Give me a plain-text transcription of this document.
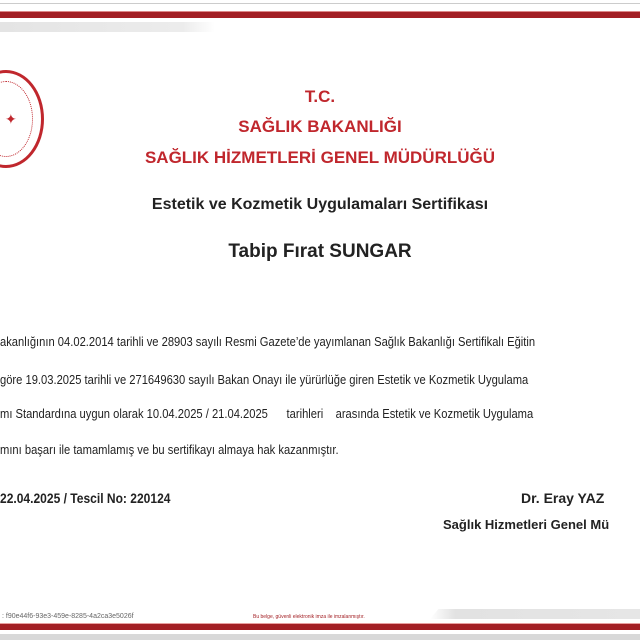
✦
T.C.
SAĞLIK BAKANLIĞI
SAĞLIK HİZMETLERİ GENEL MÜDÜRLÜĞÜ
Estetik ve Kozmetik Uygulamaları Sertifikası
Tabip Fırat SUNGAR
akanlığının 04.02.2014 tarihli ve 28903 sayılı Resmi Gazete’de yayımlanan Sağlık Bakanlığı Sertifikalı Eğitin
göre 19.03.2025 tarihli ve 271649630 sayılı Bakan Onayı ile yürürlüğe giren Estetik ve Kozmetik Uygulama
mı Standardına uygun olarak 10.04.2025 / 21.04.2025      tarihleri    arasında Estetik ve Kozmetik Uygulama
mını başarı ile tamamlamış ve bu sertifikayı almaya hak kazanmıştır.
22.04.2025 / Tescil No: 220124	Dr. Eray YAZ
Sağlık Hizmetleri Genel Mü
: f90e44f6-93e3-459e-8285-4a2ca3e5026f	Bu belge, güvenli elektronik imza ile imzalanmıştır.
